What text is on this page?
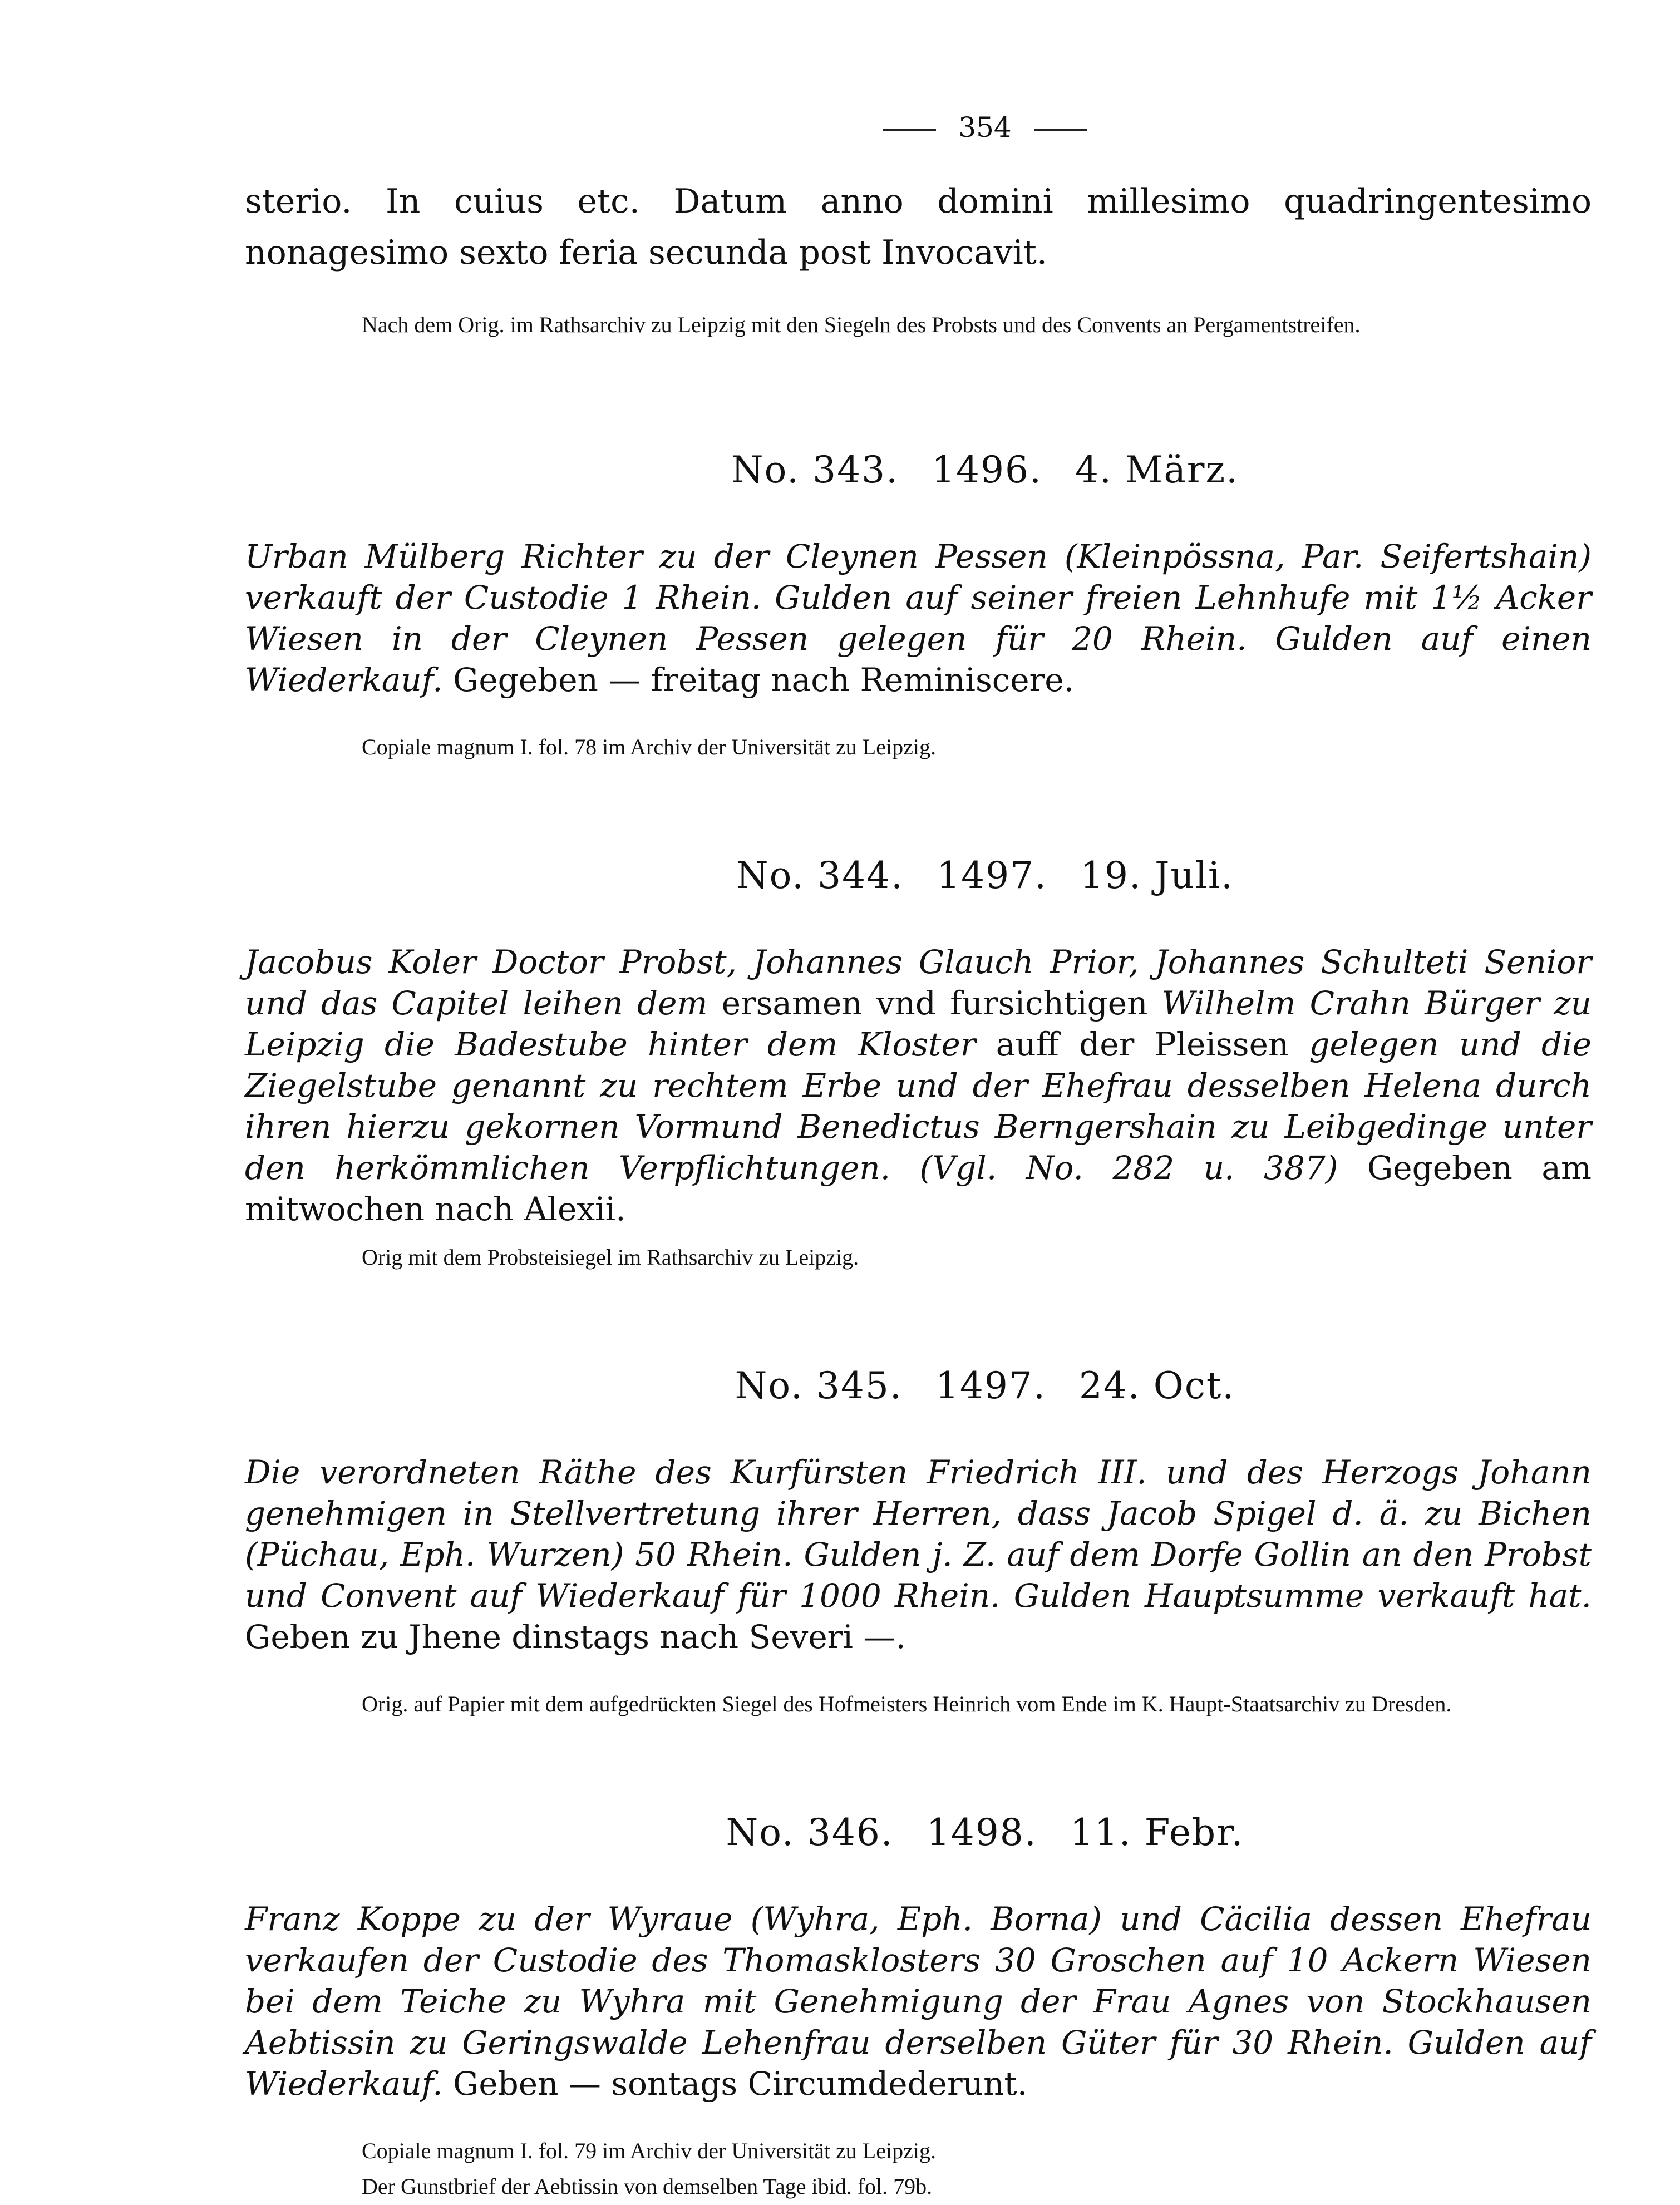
354

sterio. In cuius etc. Datum anno domini millesimo quadringentesimo nonagesimo sexto feria secunda post Invocavit.

Nach dem Orig. im Rathsarchiv zu Leipzig mit den Siegeln des Probsts und des Convents an Pergamentstreifen.

No. 343. 1496. 4. März.

Urban Mülberg Richter zu der Cleynen Pessen (Kleinpössna, Par. Seifertshain) verkauft der Custodie 1 Rhein. Gulden auf seiner freien Lehnhufe mit 1½ Acker Wiesen in der Cleynen Pessen gelegen für 20 Rhein. Gulden auf einen Wiederkauf. Gegeben — freitag nach Reminiscere.

Copiale magnum I. fol. 78 im Archiv der Universität zu Leipzig.

No. 344. 1497. 19. Juli.

Jacobus Koler Doctor Probst, Johannes Glauch Prior, Johannes Schulteti Senior und das Capitel leihen dem ersamen vnd fursichtigen Wilhelm Crahn Bürger zu Leipzig die Badestube hinter dem Kloster auff der Pleissen gelegen und die Ziegelstube genannt zu rechtem Erbe und der Ehefrau desselben Helena durch ihren hierzu gekornen Vormund Benedictus Berngershain zu Leibgedinge unter den herkömmlichen Verpflichtungen. (Vgl. No. 282 u. 387) Gegeben am mitwochen nach Alexii.

Orig mit dem Probsteisiegel im Rathsarchiv zu Leipzig.

No. 345. 1497. 24. Oct.

Die verordneten Räthe des Kurfürsten Friedrich III. und des Herzogs Johann genehmigen in Stellvertretung ihrer Herren, dass Jacob Spigel d. ä. zu Bichen (Püchau, Eph. Wurzen) 50 Rhein. Gulden j. Z. auf dem Dorfe Gollin an den Probst und Convent auf Wiederkauf für 1000 Rhein. Gulden Hauptsumme verkauft hat. Geben zu Jhene dinstags nach Severi —.

Orig. auf Papier mit dem aufgedrückten Siegel des Hofmeisters Heinrich vom Ende im K. Haupt-Staatsarchiv zu Dresden.

No. 346. 1498. 11. Febr.

Franz Koppe zu der Wyraue (Wyhra, Eph. Borna) und Cäcilia dessen Ehefrau verkaufen der Custodie des Thomasklosters 30 Groschen auf 10 Ackern Wiesen bei dem Teiche zu Wyhra mit Genehmigung der Frau Agnes von Stockhausen Aebtissin zu Geringswalde Lehenfrau derselben Güter für 30 Rhein. Gulden auf Wiederkauf. Geben — sontags Circumdederunt.

Copiale magnum I. fol. 79 im Archiv der Universität zu Leipzig.

Der Gunstbrief der Aebtissin von demselben Tage ibid. fol. 79b.
